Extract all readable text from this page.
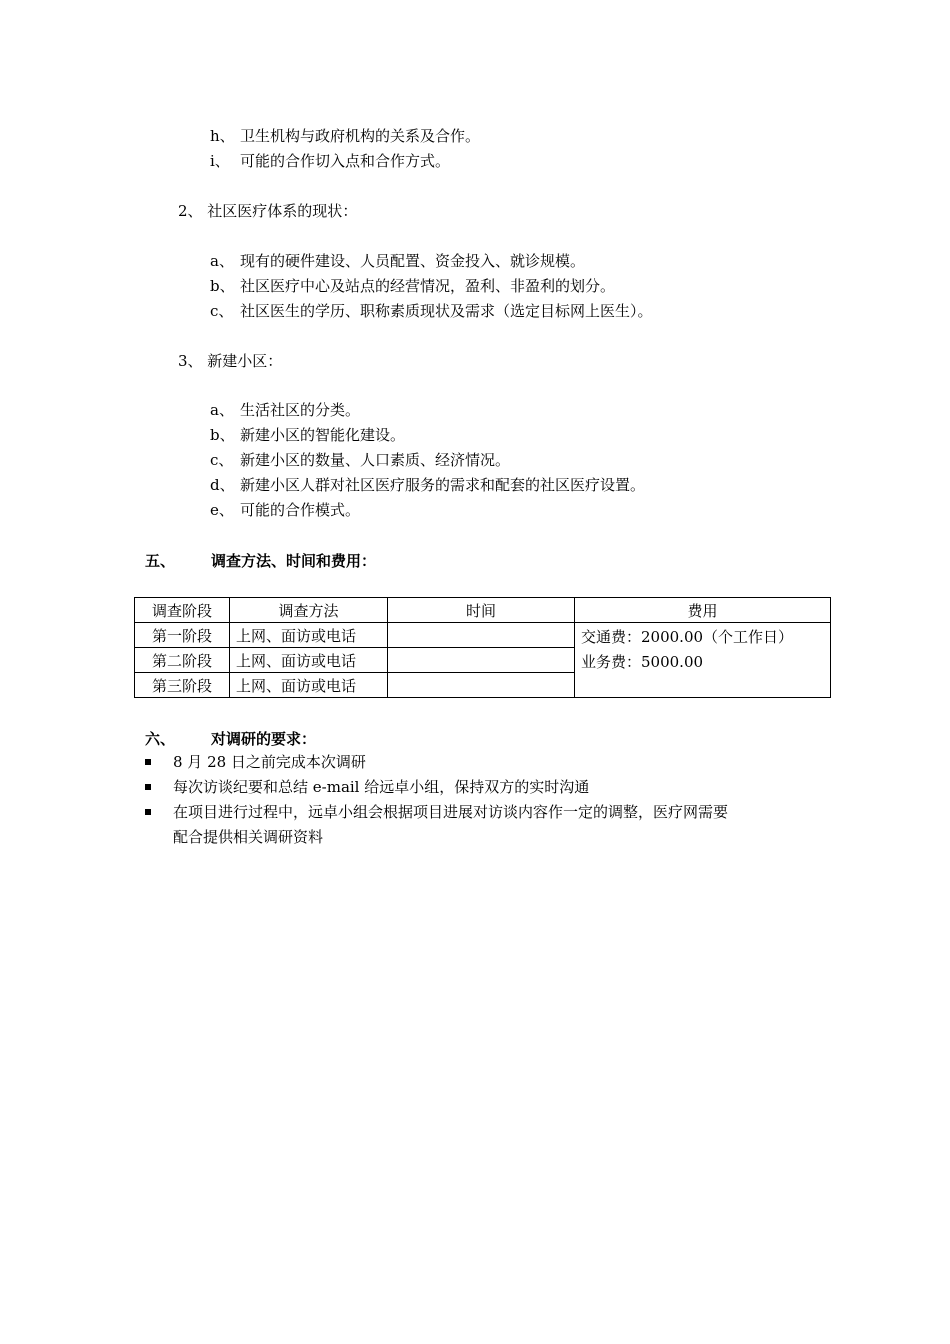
h、 卫生机构与政府机构的关系及合作。
i、 可能的合作切入点和合作方式。
2、 社区医疗体系的现状：
a、 现有的硬件建设、人员配置、资金投入、就诊规模。
b、 社区医疗中心及站点的经营情况，盈利、非盈利的划分。
c、 社区医生的学历、职称素质现状及需求（选定目标网上医生）。
3、 新建小区：
a、 生活社区的分类。
b、 新建小区的智能化建设。
c、 新建小区的数量、人口素质、经济情况。
d、 新建小区人群对社区医疗服务的需求和配套的社区医疗设置。
e、 可能的合作模式。
五、 调查方法、时间和费用：
调查阶段	调查方法	时间	费用
第一阶段	上网、面访或电话		交通费：2000.00（个工作日）
业务费：5000.00

第二阶段	上网、面访或电话		
第三阶段	上网、面访或电话		
六、 对调研的要求：
8 月 28 日之前完成本次调研
每次访谈纪要和总结 e-mail 给远卓小组，保持双方的实时沟通
在项目进行过程中，远卓小组会根据项目进展对访谈内容作一定的调整，医疗网需要
配合提供相关调研资料
